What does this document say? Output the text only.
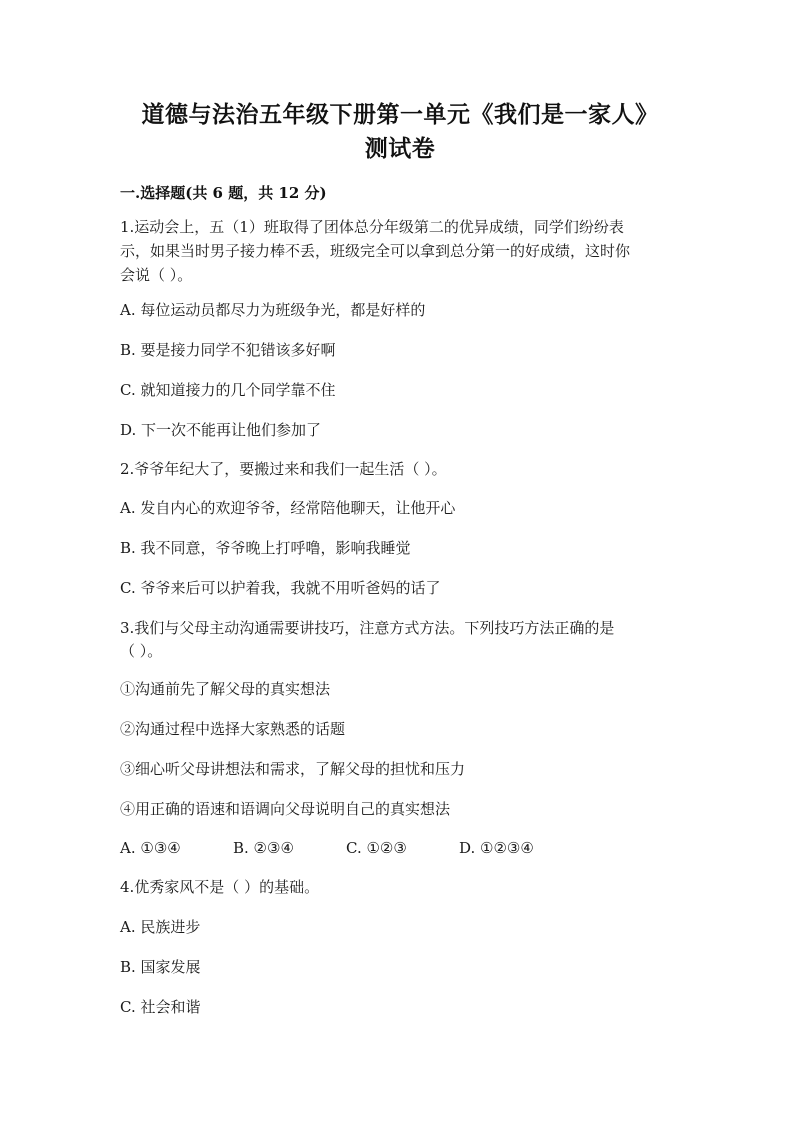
道德与法治五年级下册第一单元《我们是一家人》
测试卷
一.选择题(共 6 题，共 12 分)
1.运动会上，五（1）班取得了团体总分年级第二的优异成绩，同学们纷纷表
示，如果当时男子接力棒不丢，班级完全可以拿到总分第一的好成绩，这时你
会说（ ）。
A. 每位运动员都尽力为班级争光，都是好样的
B. 要是接力同学不犯错该多好啊
C. 就知道接力的几个同学靠不住
D. 下一次不能再让他们参加了
2.爷爷年纪大了，要搬过来和我们一起生活（ ）。
A. 发自内心的欢迎爷爷，经常陪他聊天，让他开心
B. 我不同意，爷爷晚上打呼噜，影响我睡觉
C. 爷爷来后可以护着我，我就不用听爸妈的话了
3.我们与父母主动沟通需要讲技巧，注意方式方法。下列技巧方法正确的是
（ ）。
①沟通前先了解父母的真实想法
②沟通过程中选择大家熟悉的话题
③细心听父母讲想法和需求，了解父母的担忧和压力
④用正确的语速和语调向父母说明自己的真实想法
A. ①③④	B. ②③④	C. ①②③	D. ①②③④
4.优秀家风不是（ ）的基础。
A. 民族进步
B. 国家发展
C. 社会和谐
